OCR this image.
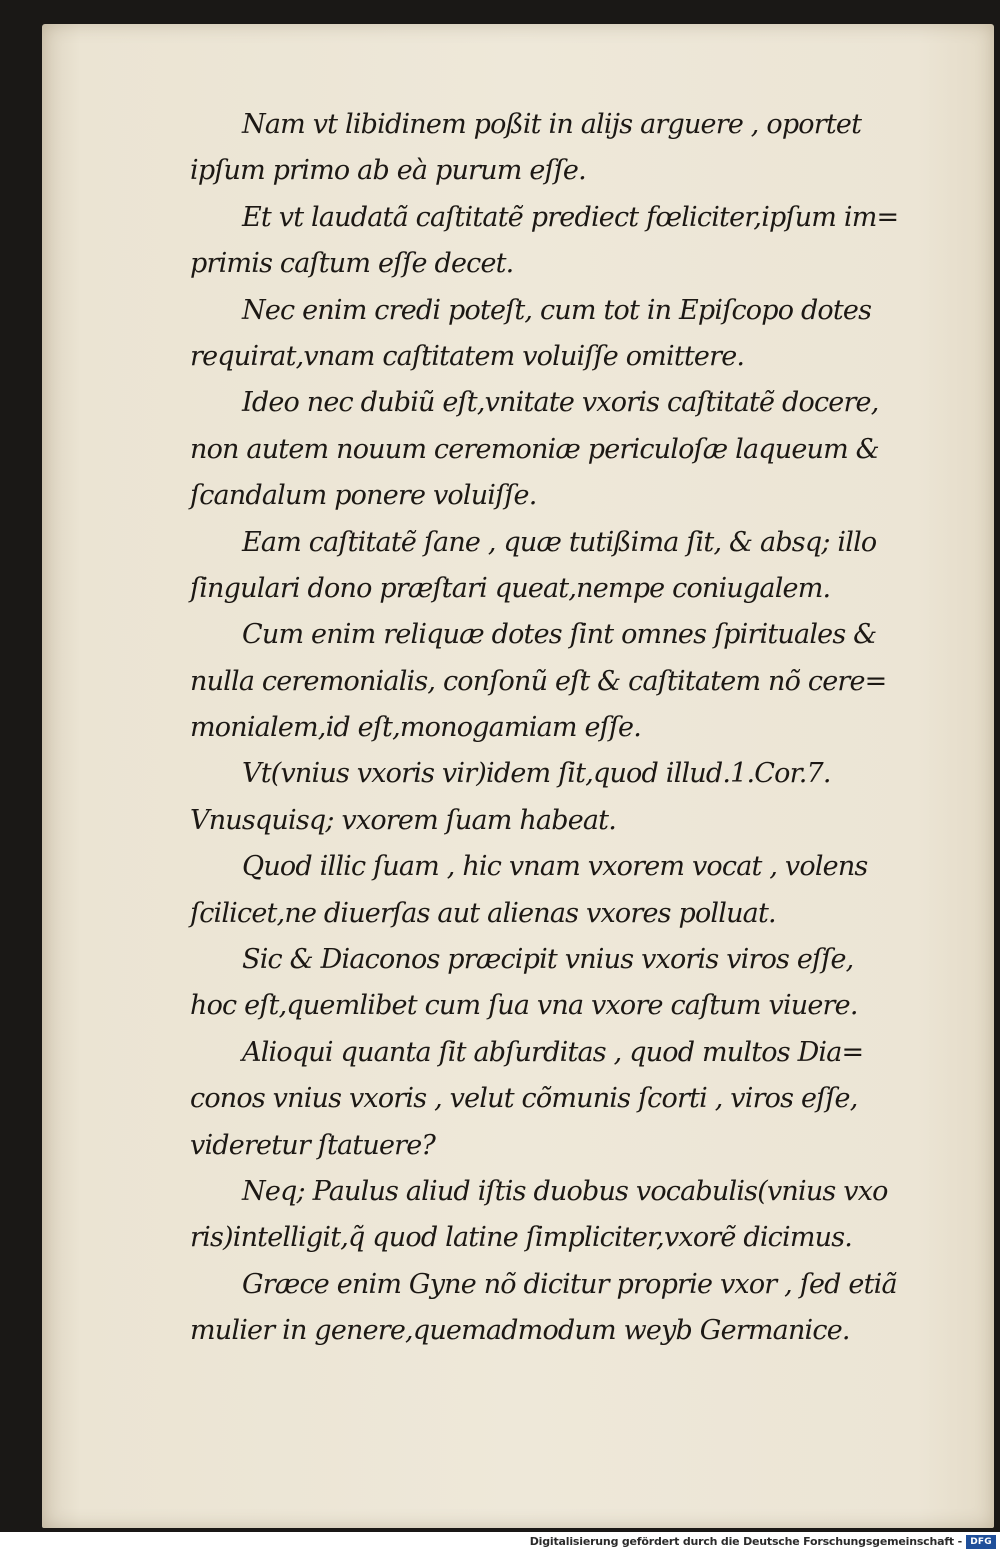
Nam vt libidinem poßit in alijs arguere , oportet
ipſum primo ab eà purum eſſe.
Et vt laudatã caſtitatẽ prediect fœliciter,ipſum im=
primis caſtum eſſe decet.
Nec enim credi poteſt, cum tot in Epiſcopo dotes
requirat,vnam caſtitatem voluiſſe omittere.
Ideo nec dubiũ eſt,vnitate vxoris caſtitatẽ docere,
non autem nouum ceremoniæ periculoſæ laqueum &
ſcandalum ponere voluiſſe.
Eam caſtitatẽ ſane , quæ tutißima ſit, & absq; illo
ſingulari dono præſtari queat,nempe coniugalem.
Cum enim reliquæ dotes ſint omnes ſpirituales &
nulla ceremonialis, conſonũ eſt & caſtitatem nõ cere=
monialem,id eſt,monogamiam eſſe.
Vt(vnius vxoris vir)idem ſit,quod illud.1.Cor.7.
Vnusquisq; vxorem ſuam habeat.
Quod illic ſuam , hic vnam vxorem vocat , volens
ſcilicet,ne diuerſas aut alienas vxores polluat.
Sic & Diaconos præcipit vnius vxoris viros eſſe,
hoc eſt,quemlibet cum ſua vna vxore caſtum viuere.
Alioqui quanta ſit abſurditas , quod multos Dia=
conos vnius vxoris , velut cõmunis ſcorti , viros eſſe,
videretur ſtatuere?
Neq; Paulus aliud iſtis duobus vocabulis(vnius vxo
ris)intelligit,q̃ quod latine ſimpliciter,vxorẽ dicimus.
Græce enim Gyne nõ dicitur proprie vxor , ſed etiã
mulier in genere,quemadmodum weyb Germanice.
Digitalisierung gefördert durch die Deutsche Forschungsgemeinschaft - DFG
